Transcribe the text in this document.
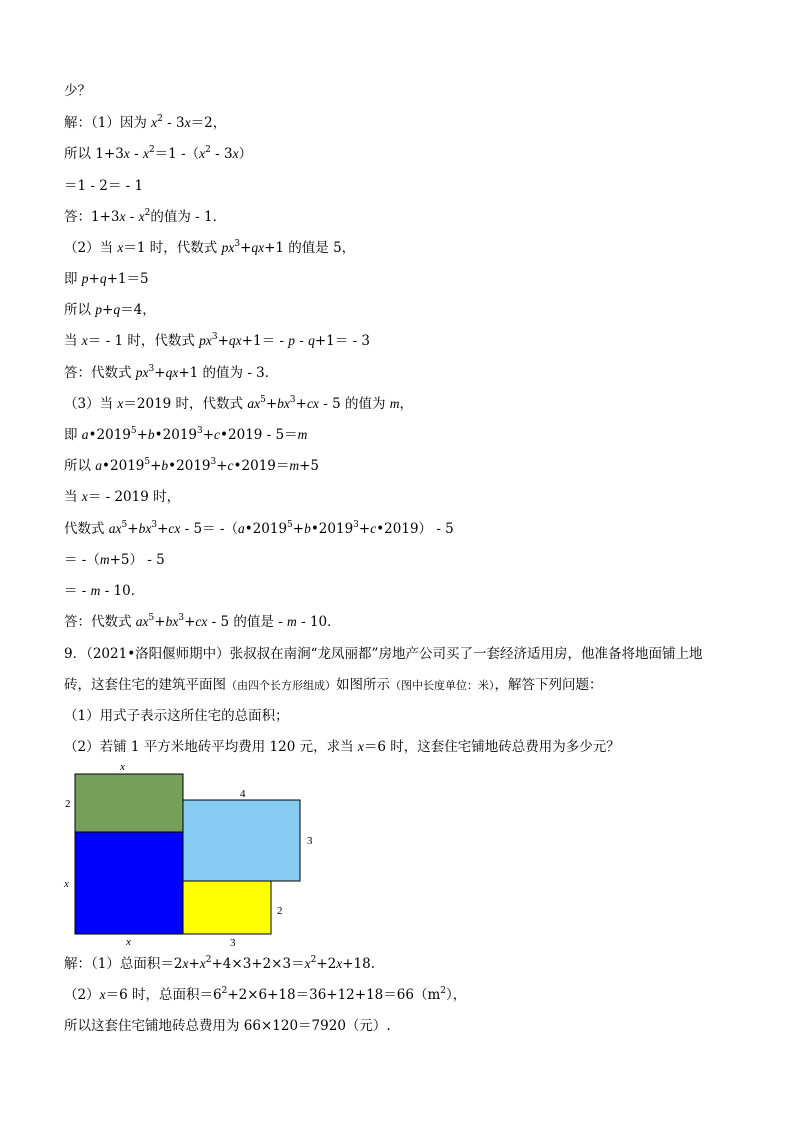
少？
解：（1）因为 $x^2 - 3x=2$，
所以 $1+3x - x^2=1$ $-(x^2 - 3x)$
＝1 - 2＝ - 1
答：$1+3x - x^2$的值为 - 1．
（2）当 x＝1 时，代数式 $px^3+qx+1$ 的值是 5，
即 p+q+1＝5
所以 p+q＝4，
当 x＝ - 1 时，代数式 $px^3+qx+1= - p - q+1= - 3$
答：代数式 $px^3+qx+1$ 的值为 - 3．
（3）当 x＝2019 时，代数式 $ax^5+bx^3+cx - 5$ 的值为 m，
即 $a•2019^5+b•2019^3+c•2019 - 5=m$
所以 $a•2019^5+b•2019^3+c•2019=m+5$
当 x＝ - 2019 时，
代数式 $ax^5+bx^3+cx - 5=$ $-(a•2019^5+b•2019^3+c•2019) - 5$
＝ -（m+5） - 5
＝ - m - 10．
答：代数式 $ax^5+bx^3+cx - 5$ 的值是 - m - 10．
9．（2021•洛阳偃师期中）张叔叔在南涧“龙凤丽都”房地产公司买了一套经济适用房，他准备将地面铺上地
砖，这套住宅的建筑平面图（由四个长方形组成）如图所示（图中长度单位：米），解答下列问题：
（1）用式子表示这所住宅的总面积；
（2）若铺 1 平方米地砖平均费用 120 元，求当 x＝6 时，这套住宅铺地砖总费用为多少元？
解：（1）总面积$=2x+x^2+4\times 3+2\times 3=x^2+2x+18$.
（2）x＝6 时，总面积$=6^2+2\times 6+18=36+12+18=66(m^2)$，
所以这套住宅铺地砖总费用为 66×120＝7920（元）.
x
2
x
4
3
2
x	3
